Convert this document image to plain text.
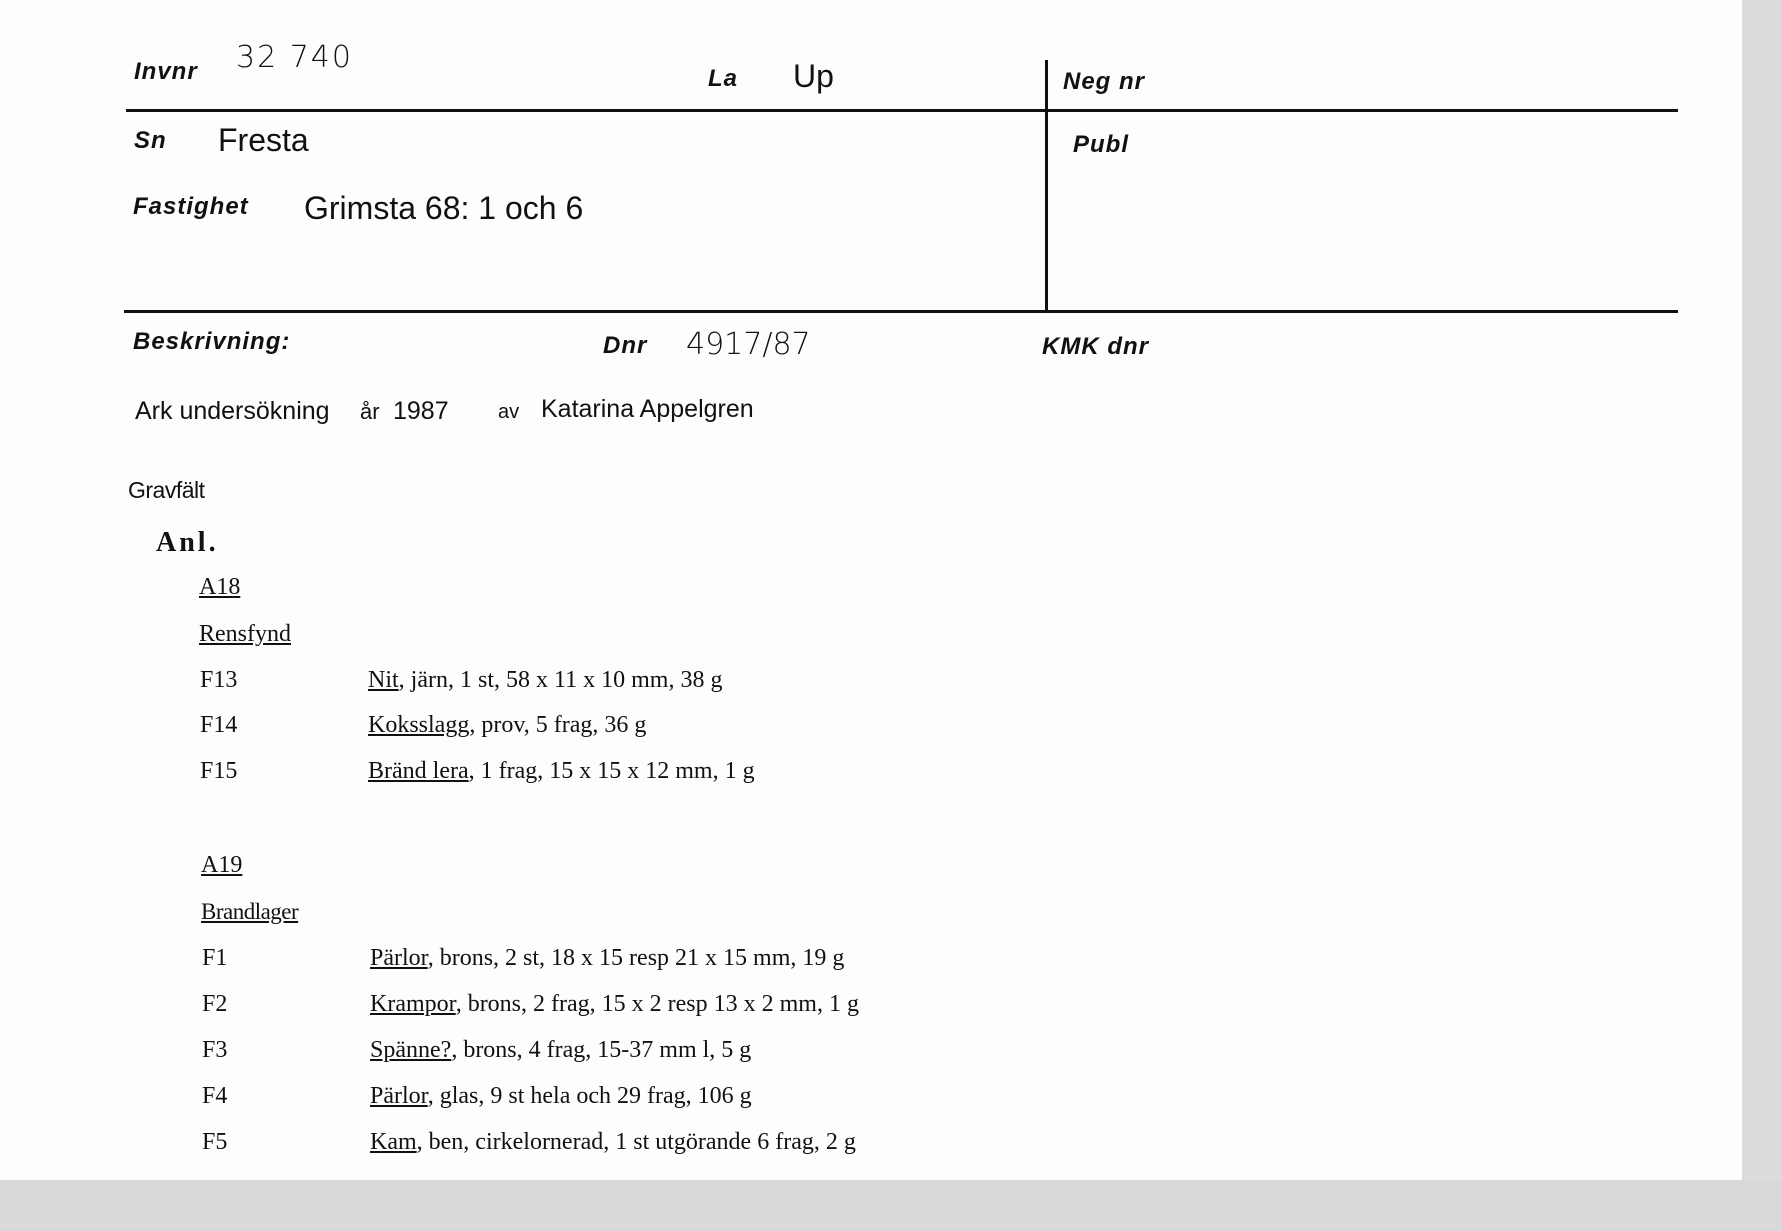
Invnr 32 740
La Up	Neg nr
Sn Fresta	Publ
Fastighet Grimsta 68: 1 och 6
Beskrivning:	Dnr 4917/87	KMK dnr
Ark undersökning år 1987 av Katarina Appelgren
Gravfält
Anl.
A18
Rensfynd
F13	Nit, järn, 1 st, 58 x 11 x 10 mm, 38 g
F14	Koksslagg, prov, 5 frag, 36 g
F15	Bränd lera, 1 frag, 15 x 15 x 12 mm, 1 g
A19
Brandlager
F1	Pärlor, brons, 2 st, 18 x 15 resp 21 x 15 mm, 19 g
F2	Krampor, brons, 2 frag, 15 x 2 resp 13 x 2 mm, 1 g
F3	Spänne?, brons, 4 frag, 15-37 mm l, 5 g
F4	Pärlor, glas, 9 st hela och 29 frag, 106 g
F5	Kam, ben, cirkelornerad, 1 st utgörande 6 frag, 2 g
